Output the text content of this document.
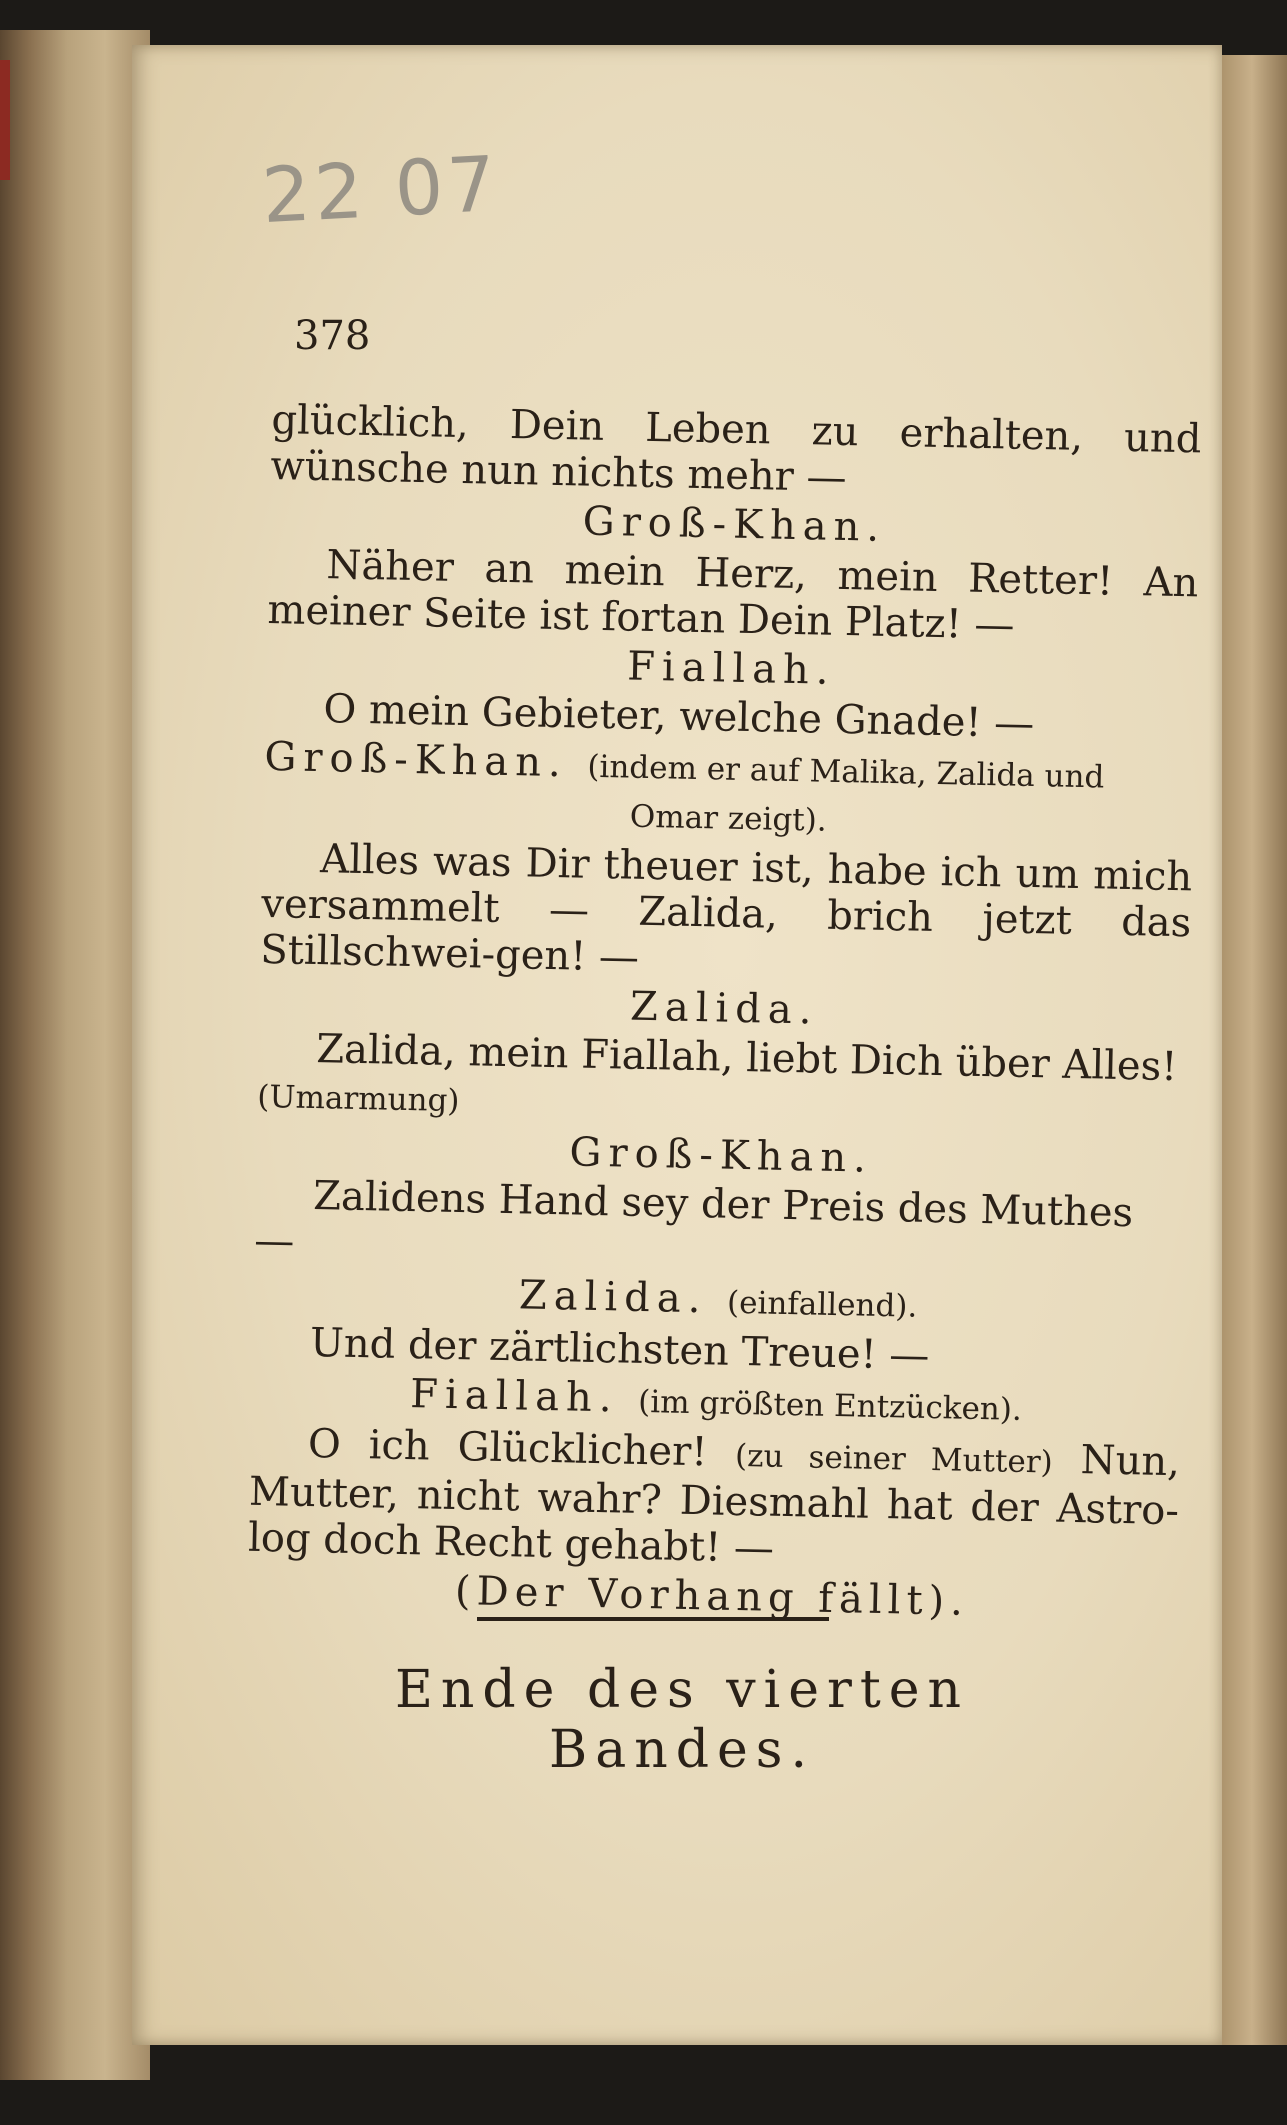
22 07
378

glücklich, Dein Leben zu erhalten, und wünsche nun nichts mehr —

Groß-Khan.

Näher an mein Herz, mein Retter! An meiner Seite ist fortan Dein Platz! —

Fiallah.

O mein Gebieter, welche Gnade! —

Groß-Khan. (indem er auf Malika, Zalida und

Omar zeigt).

Alles was Dir theuer ist, habe ich um mich versammelt — Zalida, brich jetzt das Stillschwei-gen! —

Zalida.

Zalida, mein Fiallah, liebt Dich über Alles!

(Umarmung)

Groß-Khan.

Zalidens Hand sey der Preis des Muthes —

Zalida. (einfallend).

Und der zärtlichsten Treue! —

Fiallah. (im größten Entzücken).

O ich Glücklicher! (zu seiner Mutter) Nun, Mutter, nicht wahr? Diesmahl hat der Astro-log doch Recht gehabt! —

(Der Vorhang fällt).

Ende des vierten Bandes.
